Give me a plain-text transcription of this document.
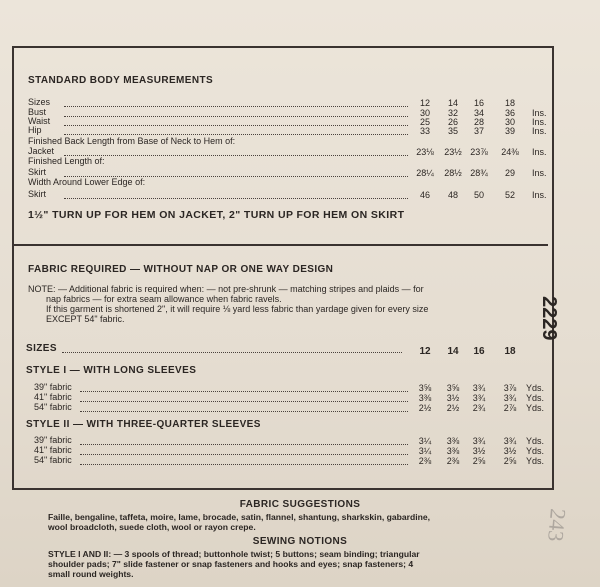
STANDARD BODY MEASUREMENTS
Sizes	12	14	16	18
Bust	30	32	34	36	Ins.
Waist	25	26	28	30	Ins.
Hip	33	35	37	39	Ins.
Finished Back Length from Base of Neck to Hem of:
Jacket	23⅛	23½ 23⅞	24⅜	Ins.
Finished Length of:
Skirt	28¼	28½ 28¾	29	Ins.
Width Around Lower Edge of:
Skirt	46	48	50	52	Ins.
1½" TURN UP FOR HEM ON JACKET, 2" TURN UP FOR HEM ON SKIRT
FABRIC REQUIRED — WITHOUT NAP OR ONE WAY DESIGN
NOTE: — Additional fabric is required when: — not pre-shrunk — matching stripes and plaids — for
nap fabrics — for extra seam allowance when fabric ravels.
If this garment is shortened 2", it will require ⅛ yard less fabric than yardage given for every size
EXCEPT 54" fabric.
SIZES	12	14	16	18
STYLE I — WITH LONG SLEEVES
39" fabric	3⅝	3⅝	3¾	3⅞	Yds.
41" fabric	3⅜	3½	3¾	3¾	Yds.
54" fabric	2½	2½	2¾	2⅞	Yds.
STYLE II — WITH THREE-QUARTER SLEEVES
39" fabric	3¼	3⅜	3¾	3¾	Yds.
41" fabric	3¼	3⅜	3½	3½	Yds.
54" fabric	2⅜	2⅜	2⅝	2⅝	Yds.
2229
FABRIC SUGGESTIONS
Faille, bengaline, taffeta, moire, lame, brocade, satin, flannel, shantung, sharkskin, gabardine,
wool broadcloth, suede cloth, wool or rayon crepe.
SEWING NOTIONS
STYLE I AND II: — 3 spools of thread; buttonhole twist; 5 buttons; seam binding; triangular
shoulder pads; 7" slide fastener or snap fasteners and hooks and eyes; snap fasteners; 4
small round weights.
243
